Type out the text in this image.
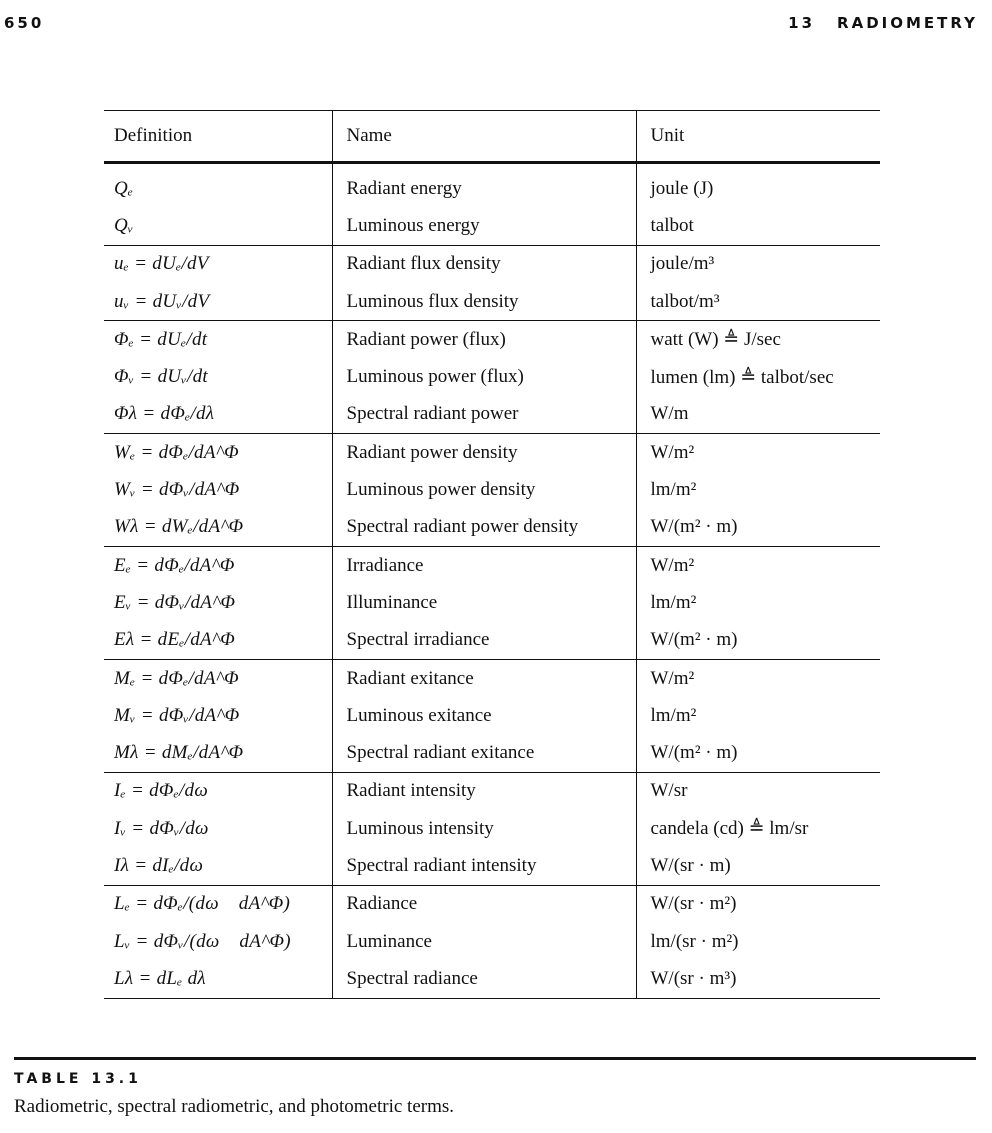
650	13 RADIOMETRY
Definition	Name	Unit
Qₑ	Radiant energy	joule (J)
Qᵥ	Luminous energy	talbot
uₑ = dUₑ/dV	Radiant flux density	joule/m³
uᵥ = dUᵥ/dV	Luminous flux density	talbot/m³
Φₑ = dUₑ/dt	Radiant power (flux)	watt (W) ≜ J/sec
Φᵥ = dUᵥ/dt	Luminous power (flux)	lumen (lm) ≜ talbot/sec
Φλ = dΦₑ/dλ	Spectral radiant power	W/m
Wₑ = dΦₑ/dA^Φ	Radiant power density	W/m²
Wᵥ = dΦᵥ/dA^Φ	Luminous power density	lm/m²
Wλ = dWₑ/dA^Φ	Spectral radiant power density	W/(m² · m)
Eₑ = dΦₑ/dA^Φ	Irradiance	W/m²
Eᵥ = dΦᵥ/dA^Φ	Illuminance	lm/m²
Eλ = dEₑ/dA^Φ	Spectral irradiance	W/(m² · m)
Mₑ = dΦₑ/dA^Φ	Radiant exitance	W/m²
Mᵥ = dΦᵥ/dA^Φ	Luminous exitance	lm/m²
Mλ = dMₑ/dA^Φ	Spectral radiant exitance	W/(m² · m)
Iₑ = dΦₑ/dω⃗	Radiant intensity	W/sr
Iᵥ = dΦᵥ/dω⃗	Luminous intensity	candela (cd) ≜ lm/sr
Iλ = dIₑ/dω⃗	Spectral radiant intensity	W/(sr · m)
Lₑ = dΦₑ/(dω⃗ dA^Φ)	Radiance	W/(sr · m²)
Lᵥ = dΦᵥ/(dω⃗ dA^Φ)	Luminance	lm/(sr · m²)
Lλ = dLₑ dλ	Spectral radiance	W/(sr · m³)
TABLE 13.1
Radiometric, spectral radiometric, and photometric terms.
